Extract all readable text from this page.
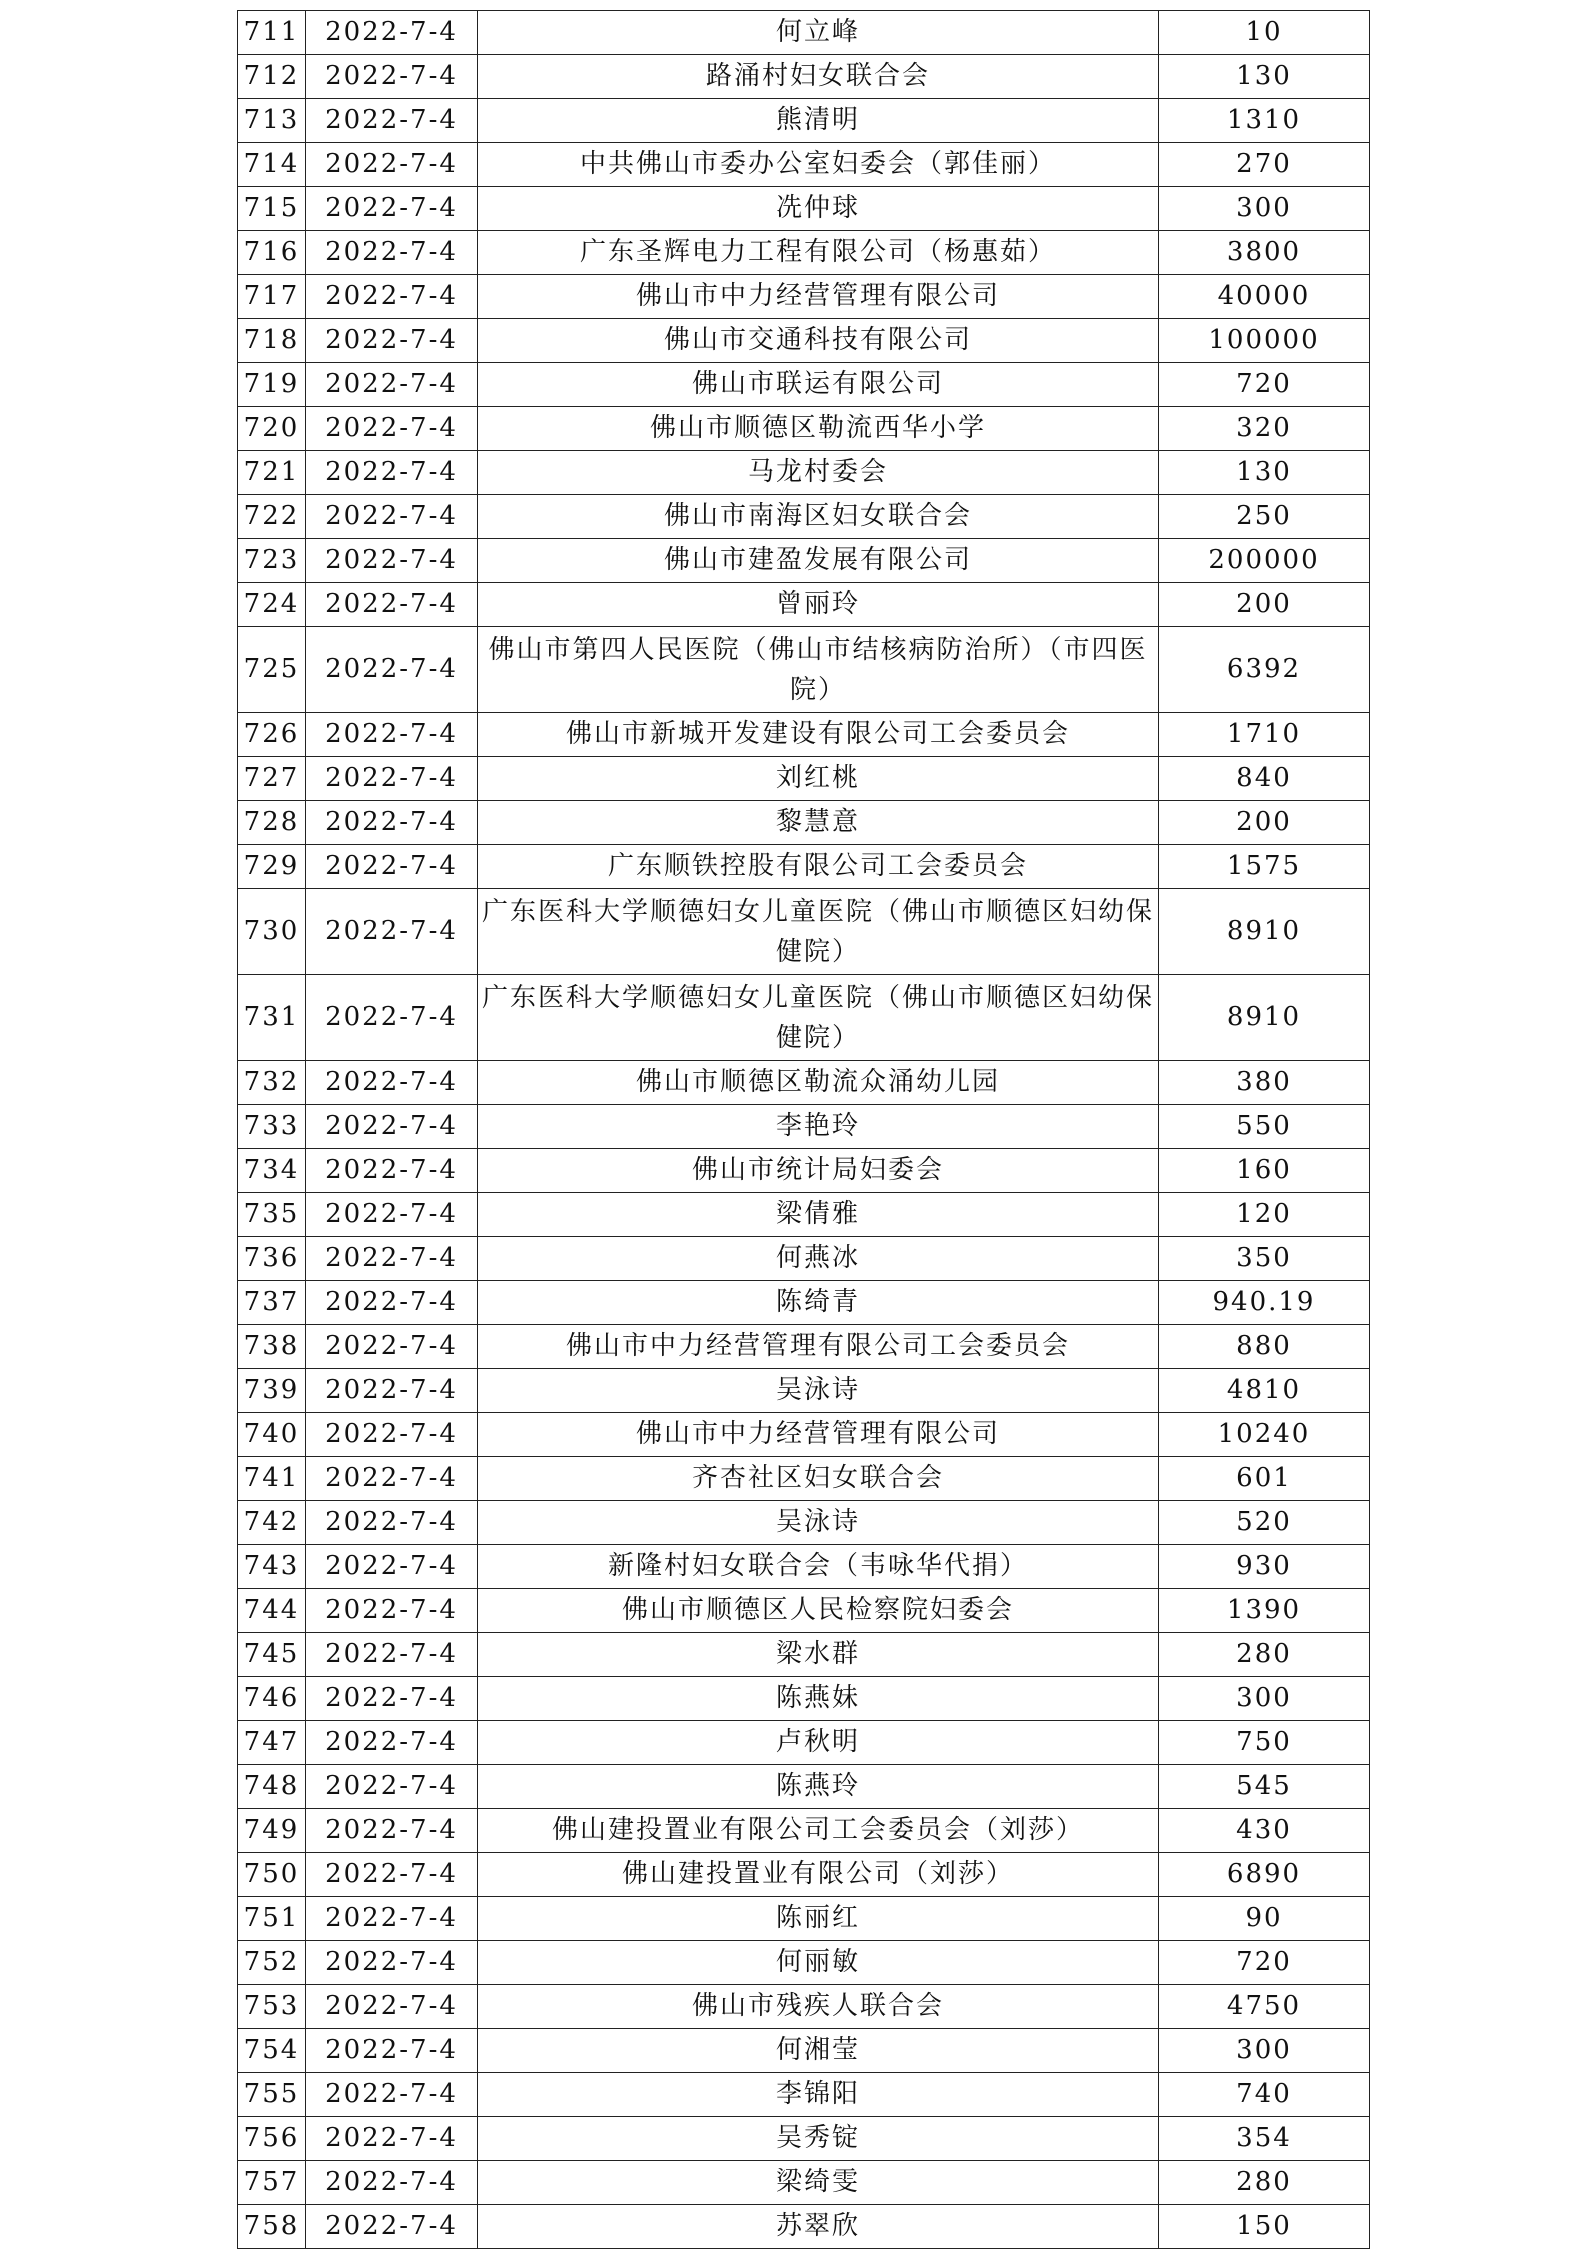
711	2022-7-4	何立峰	10
712	2022-7-4	路涌村妇女联合会	130
713	2022-7-4	熊清明	1310
714	2022-7-4	中共佛山市委办公室妇委会（郭佳丽）	270
715	2022-7-4	冼仲球	300
716	2022-7-4	广东圣辉电力工程有限公司（杨惠茹）	3800
717	2022-7-4	佛山市中力经营管理有限公司	40000
718	2022-7-4	佛山市交通科技有限公司	100000
719	2022-7-4	佛山市联运有限公司	720
720	2022-7-4	佛山市顺德区勒流西华小学	320
721	2022-7-4	马龙村委会	130
722	2022-7-4	佛山市南海区妇女联合会	250
723	2022-7-4	佛山市建盈发展有限公司	200000
724	2022-7-4	曾丽玲	200
725	2022-7-4	佛山市第四人民医院（佛山市结核病防治所）（市四医院）	6392
726	2022-7-4	佛山市新城开发建设有限公司工会委员会	1710
727	2022-7-4	刘红桃	840
728	2022-7-4	黎慧意	200
729	2022-7-4	广东顺铁控股有限公司工会委员会	1575
730	2022-7-4	广东医科大学顺德妇女儿童医院（佛山市顺德区妇幼保健院）	8910
731	2022-7-4	广东医科大学顺德妇女儿童医院（佛山市顺德区妇幼保健院）	8910
732	2022-7-4	佛山市顺德区勒流众涌幼儿园	380
733	2022-7-4	李艳玲	550
734	2022-7-4	佛山市统计局妇委会	160
735	2022-7-4	梁倩雅	120
736	2022-7-4	何燕冰	350
737	2022-7-4	陈绮青	940.19
738	2022-7-4	佛山市中力经营管理有限公司工会委员会	880
739	2022-7-4	吴泳诗	4810
740	2022-7-4	佛山市中力经营管理有限公司	10240
741	2022-7-4	齐杏社区妇女联合会	601
742	2022-7-4	吴泳诗	520
743	2022-7-4	新隆村妇女联合会（韦咏华代捐）	930
744	2022-7-4	佛山市顺德区人民检察院妇委会	1390
745	2022-7-4	梁水群	280
746	2022-7-4	陈燕妹	300
747	2022-7-4	卢秋明	750
748	2022-7-4	陈燕玲	545
749	2022-7-4	佛山建投置业有限公司工会委员会（刘莎）	430
750	2022-7-4	佛山建投置业有限公司（刘莎）	6890
751	2022-7-4	陈丽红	90
752	2022-7-4	何丽敏	720
753	2022-7-4	佛山市残疾人联合会	4750
754	2022-7-4	何湘莹	300
755	2022-7-4	李锦阳	740
756	2022-7-4	吴秀锭	354
757	2022-7-4	梁绮雯	280
758	2022-7-4	苏翠欣	150
